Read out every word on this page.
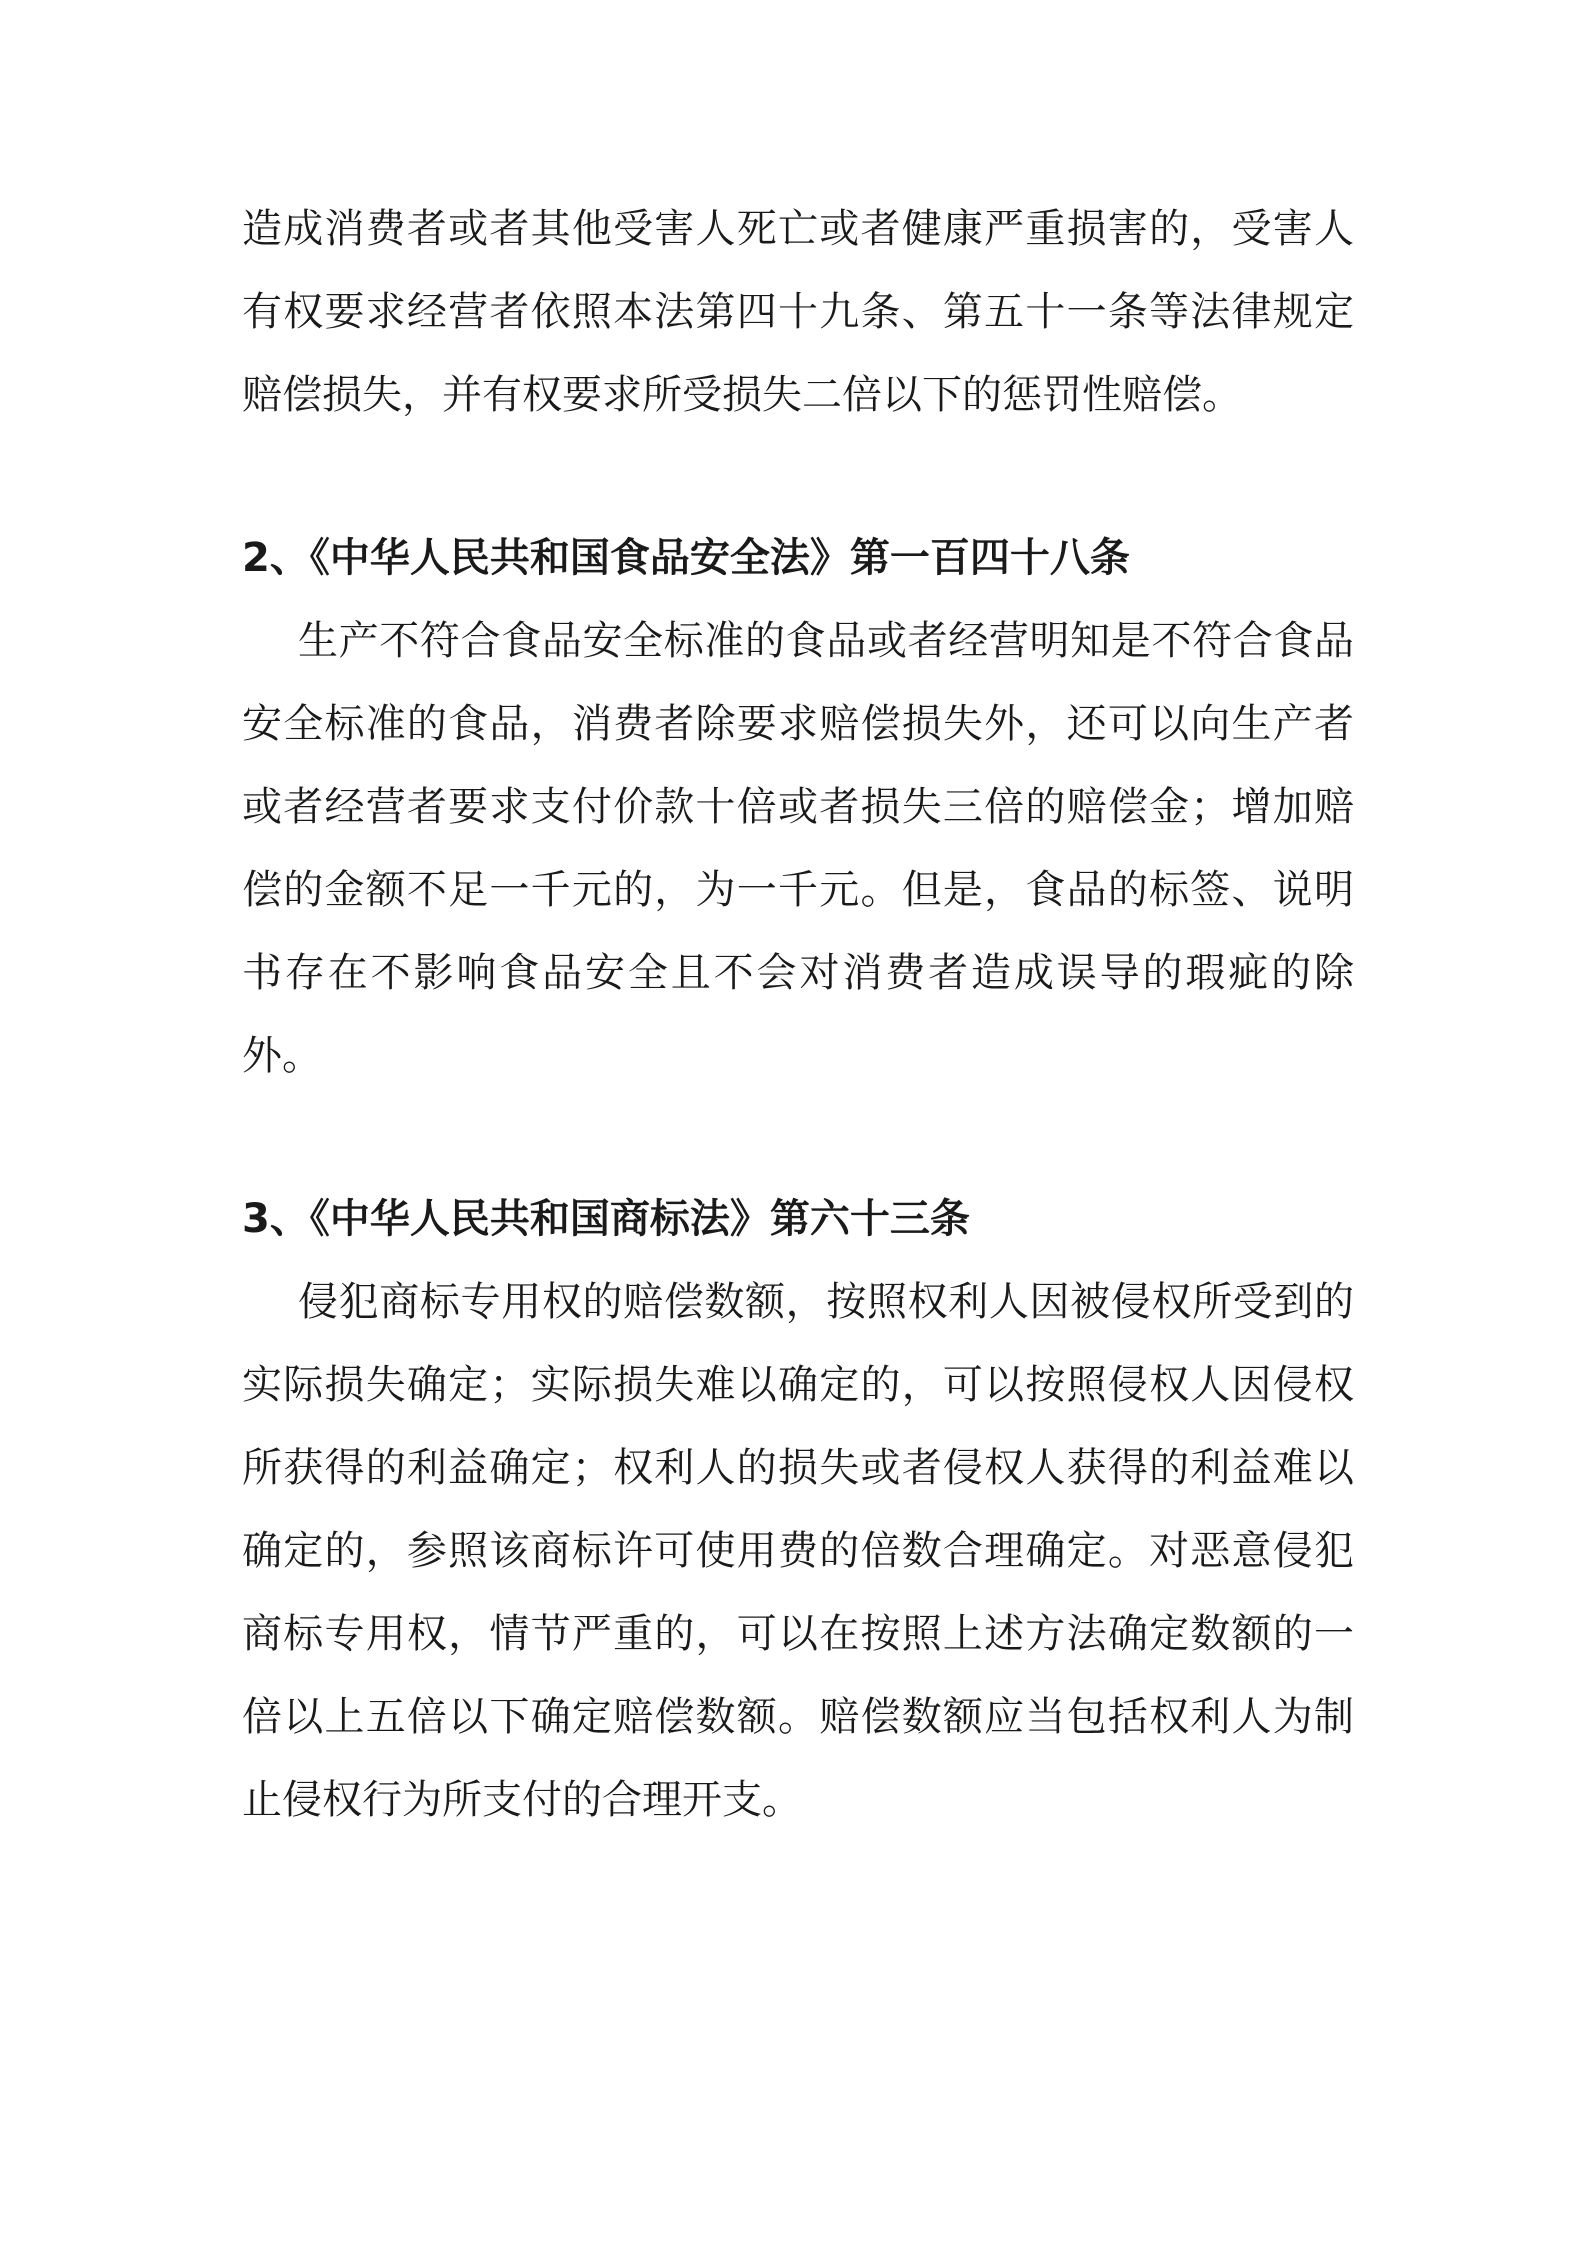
造成消费者或者其他受害人死亡或者健康严重损害的，受害人有权要求经营者依照本法第四十九条、第五十一条等法律规定赔偿损失，并有权要求所受损失二倍以下的惩罚性赔偿。

2、《中华人民共和国食品安全法》第一百四十八条

生产不符合食品安全标准的食品或者经营明知是不符合食品安全标准的食品，消费者除要求赔偿损失外，还可以向生产者或者经营者要求支付价款十倍或者损失三倍的赔偿金；增加赔偿的金额不足一千元的，为一千元。但是，食品的标签、说明书存在不影响食品安全且不会对消费者造成误导的瑕疵的除外。

3、《中华人民共和国商标法》第六十三条

侵犯商标专用权的赔偿数额，按照权利人因被侵权所受到的实际损失确定；实际损失难以确定的，可以按照侵权人因侵权所获得的利益确定；权利人的损失或者侵权人获得的利益难以确定的，参照该商标许可使用费的倍数合理确定。对恶意侵犯商标专用权，情节严重的，可以在按照上述方法确定数额的一倍以上五倍以下确定赔偿数额。赔偿数额应当包括权利人为制止侵权行为所支付的合理开支。
